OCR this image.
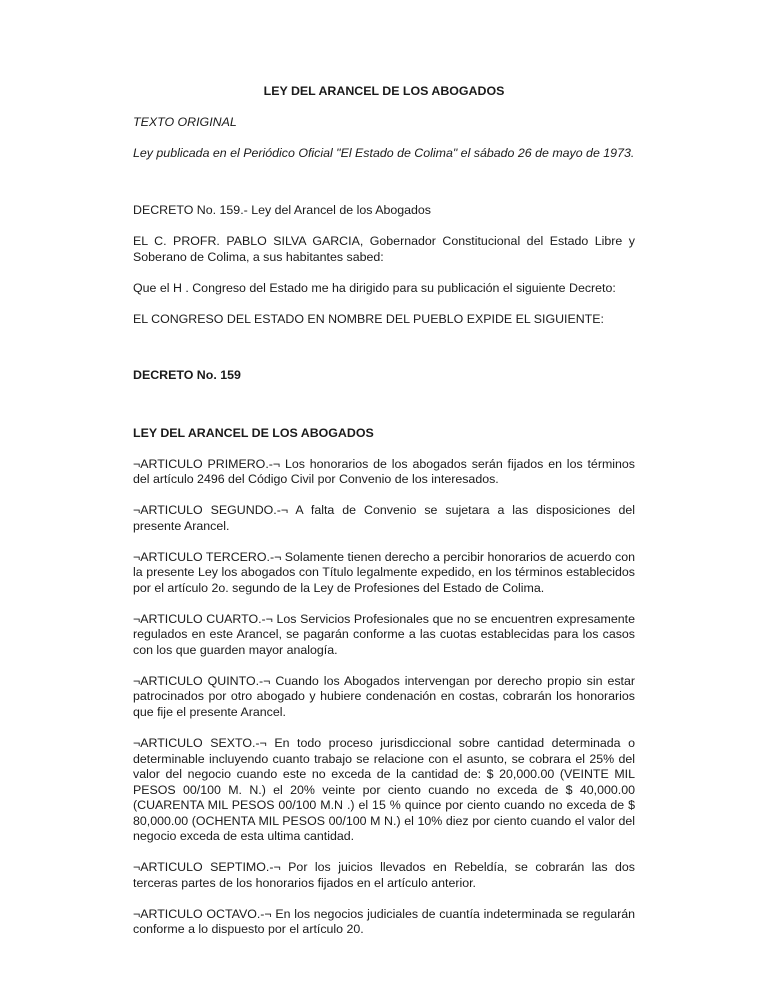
LEY DEL ARANCEL DE LOS ABOGADOS

TEXTO ORIGINAL

Ley publicada en el Periódico Oficial "El Estado de Colima" el sábado 26 de mayo de 1973.

DECRETO No. 159.- Ley del Arancel de los Abogados

EL C. PROFR. PABLO SILVA GARCIA, Gobernador Constitucional del Estado Libre y Soberano de Colima, a sus habitantes sabed:

Que el H . Congreso del Estado me ha dirigido para su publicación el siguiente Decreto:

EL CONGRESO DEL ESTADO EN NOMBRE DEL PUEBLO EXPIDE EL SIGUIENTE:

DECRETO No. 159

LEY DEL ARANCEL DE LOS ABOGADOS

¬ARTICULO PRIMERO.-¬ Los honorarios de los abogados serán fijados en los términos del artículo 2496 del Código Civil por Convenio de los interesados.

¬ARTICULO SEGUNDO.-¬ A falta de Convenio se sujetara a las disposiciones del presente Arancel.

¬ARTICULO TERCERO.-¬ Solamente tienen derecho a percibir honorarios de acuerdo con la presente Ley los abogados con Título legalmente expedido, en los términos establecidos por el artículo 2o. segundo de la Ley de Profesiones del Estado de Colima.

¬ARTICULO CUARTO.-¬ Los Servicios Profesionales que no se encuentren expresamente regulados en este Arancel, se pagarán conforme a las cuotas establecidas para los casos con los que guarden mayor analogía.

¬ARTICULO QUINTO.-¬ Cuando los Abogados intervengan por derecho propio sin estar patrocinados por otro abogado y hubiere condenación en costas, cobrarán los honorarios que fije el presente Arancel.

¬ARTICULO SEXTO.-¬ En todo proceso jurisdiccional sobre cantidad determinada o determinable incluyendo cuanto trabajo se relacione con el asunto, se cobrara el 25% del valor del negocio cuando este no exceda de la cantidad de: $ 20,000.00 (VEINTE MIL PESOS 00/100 M. N.) el 20% veinte por ciento cuando no exceda de $ 40,000.00 (CUARENTA MIL PESOS 00/100 M.N .) el 15 % quince por ciento cuando no exceda de $ 80,000.00 (OCHENTA MIL PESOS 00/100 M N.) el 10% diez por ciento cuando el valor del negocio exceda de esta ultima cantidad.

¬ARTICULO SEPTIMO.-¬ Por los juicios llevados en Rebeldía, se cobrarán las dos terceras partes de los honorarios fijados en el artículo anterior.

¬ARTICULO OCTAVO.-¬ En los negocios judiciales de cuantía indeterminada se regularán conforme a lo dispuesto por el artículo 20.
